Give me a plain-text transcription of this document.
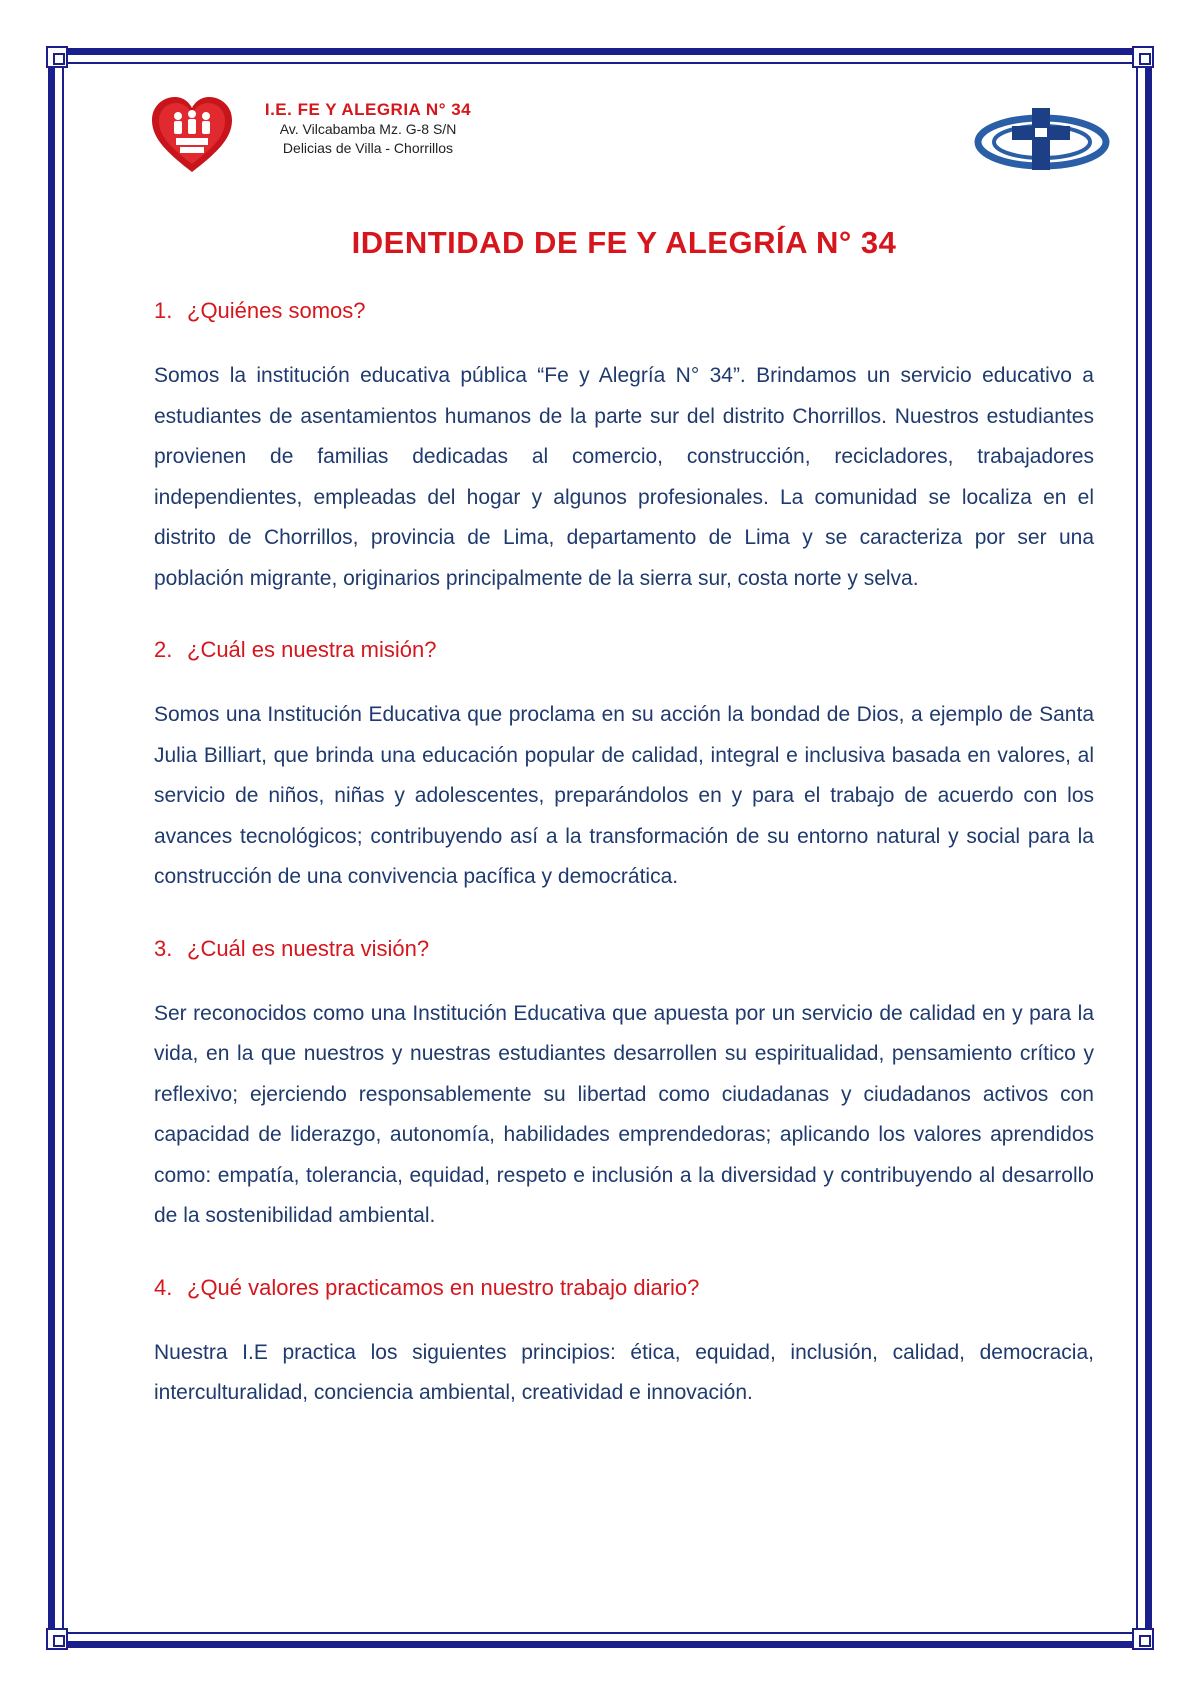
I.E. FE Y ALEGRIA N° 34
Av. Vilcabamba Mz. G-8 S/N
Delicias de Villa - Chorrillos
IDENTIDAD DE FE Y ALEGRÍA N° 34

1. ¿Quiénes somos?

Somos la institución educativa pública “Fe y Alegría N° 34”. Brindamos un servicio educativo a estudiantes de asentamientos humanos de la parte sur del distrito Chorrillos. Nuestros estudiantes provienen de familias dedicadas al comercio, construcción, recicladores, trabajadores independientes, empleadas del hogar y algunos profesionales. La comunidad se localiza en el distrito de Chorrillos, provincia de Lima, departamento de Lima y se caracteriza por ser una población migrante, originarios principalmente de la sierra sur, costa norte y selva.

2. ¿Cuál es nuestra misión?

Somos una Institución Educativa que proclama en su acción la bondad de Dios, a ejemplo de Santa Julia Billiart, que brinda una educación popular de calidad, integral e inclusiva basada en valores, al servicio de niños, niñas y adolescentes, preparándolos en y para el trabajo de acuerdo con los avances tecnológicos; contribuyendo así a la transformación de su entorno natural y social para la construcción de una convivencia pacífica y democrática.

3. ¿Cuál es nuestra visión?

Ser reconocidos como una Institución Educativa que apuesta por un servicio de calidad en y para la vida, en la que nuestros y nuestras estudiantes desarrollen su espiritualidad, pensamiento crítico y reflexivo; ejerciendo responsablemente su libertad como ciudadanas y ciudadanos activos con capacidad de liderazgo, autonomía, habilidades emprendedoras; aplicando los valores aprendidos como: empatía, tolerancia, equidad, respeto e inclusión a la diversidad y contribuyendo al desarrollo de la sostenibilidad ambiental.

4. ¿Qué valores practicamos en nuestro trabajo diario?

Nuestra I.E practica los siguientes principios: ética, equidad, inclusión, calidad, democracia, interculturalidad, conciencia ambiental, creatividad e innovación.
